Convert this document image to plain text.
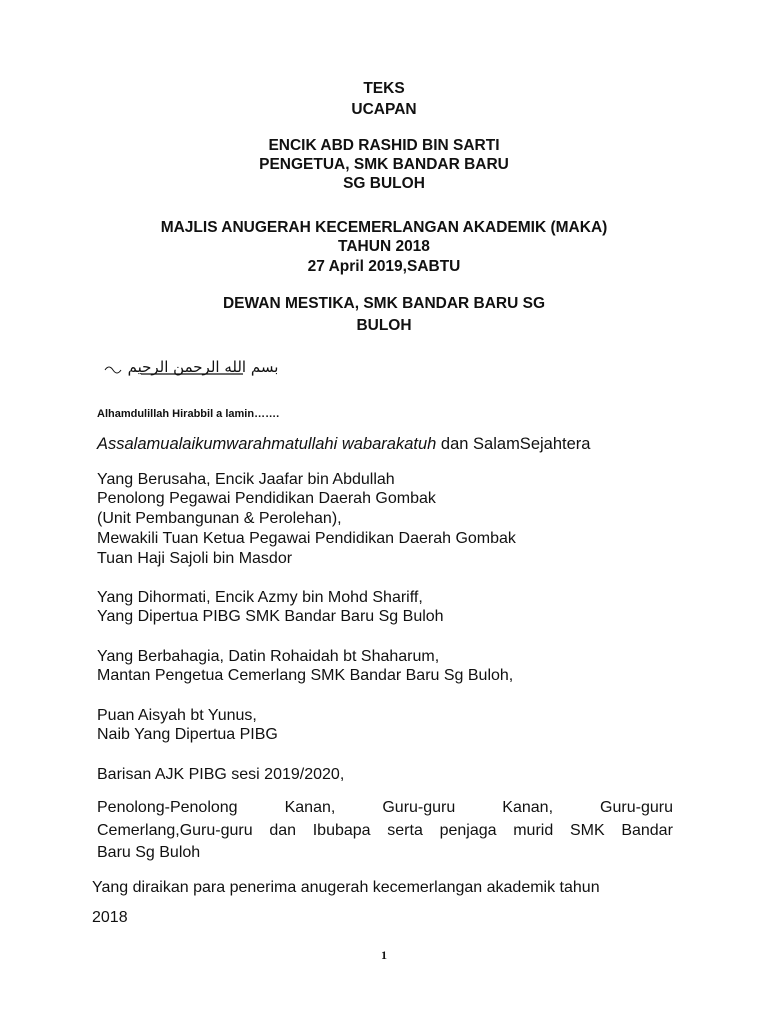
TEKS
UCAPAN
ENCIK ABD RASHID BIN SARTI
PENGETUA, SMK BANDAR BARU
SG BULOH
MAJLIS ANUGERAH KECEMERLANGAN AKADEMIK (MAKA)
TAHUN 2018
27 April 2019,SABTU
DEWAN MESTIKA, SMK BANDAR BARU SG
BULOH
بسم الله الرحمن الرحيم
Alhamdulillah Hirabbil a lamin…….
Assalamualaikumwarahmatullahi wabarakatuh dan SalamSejahtera
Yang Berusaha, Encik Jaafar bin Abdullah
Penolong Pegawai Pendidikan Daerah Gombak
(Unit Pembangunan & Perolehan),
Mewakili Tuan Ketua Pegawai Pendidikan Daerah Gombak
Tuan Haji Sajoli bin Masdor
Yang Dihormati, Encik Azmy bin Mohd Shariff,
Yang Dipertua PIBG SMK Bandar Baru Sg Buloh
Yang Berbahagia, Datin Rohaidah bt Shaharum,
Mantan Pengetua Cemerlang SMK Bandar Baru Sg Buloh,
Puan Aisyah bt Yunus,
Naib Yang Dipertua PIBG
Barisan AJK PIBG sesi 2019/2020,
Penolong-Penolong	Kanan,	Guru-guru	Kanan,	Guru-guru
Cemerlang,Guru-guru dan Ibubapa serta penjaga murid SMK Bandar
Baru Sg Buloh
Yang diraikan para penerima anugerah kecemerlangan akademik tahun
2018
1
